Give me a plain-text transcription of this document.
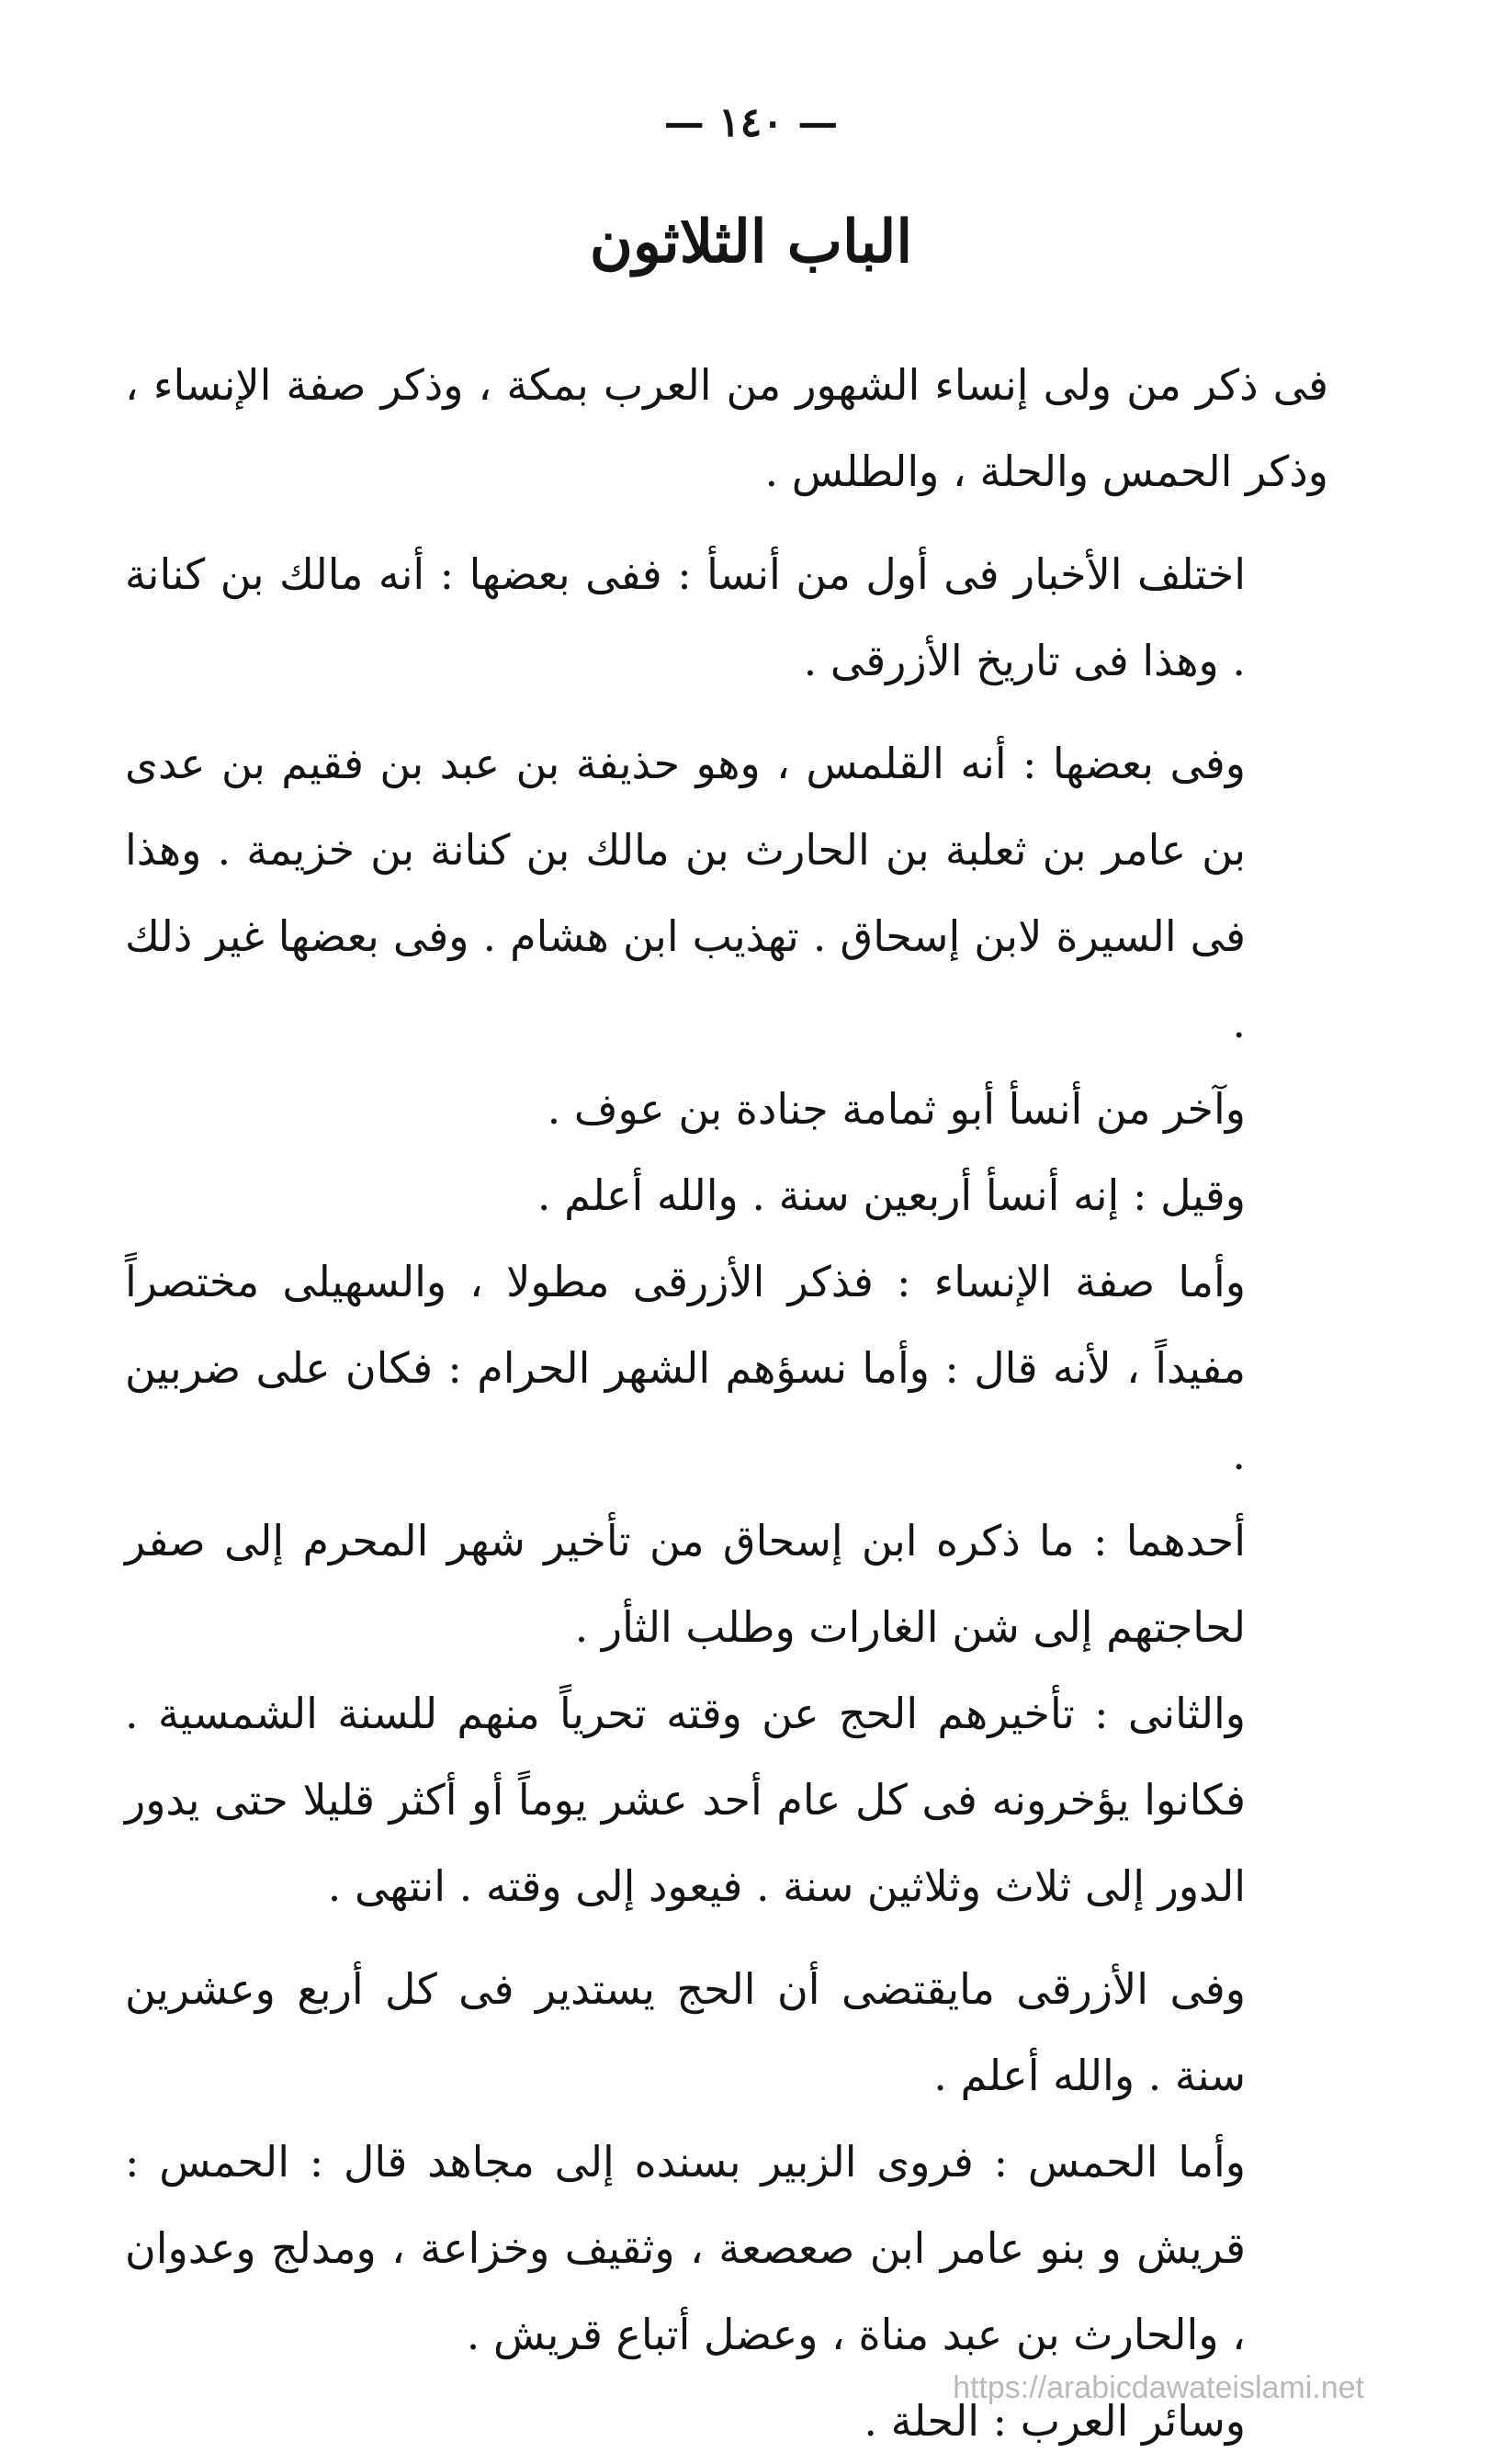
— ١٤٠ —
الباب الثلاثون

فى ذكر من ولى إنساء الشهور من العرب بمكة ، وذكر صفة الإنساء ، وذكر الحمس والحلة ، والطلس .

اختلف الأخبار فى أول من أنسأ : ففى بعضها : أنه مالك بن كنانة . وهذا فى تاريخ الأزرقى .

وفى بعضها : أنه القلمس ، وهو حذيفة بن عبد بن فقيم بن عدى بن عامر بن ثعلبة بن الحارث بن مالك بن كنانة بن خزيمة . وهذا فى السيرة لابن إسحاق . تهذيب ابن هشام . وفى بعضها غير ذلك .

وآخر من أنسأ أبو ثمامة جنادة بن عوف .

وقيل : إنه أنسأ أربعين سنة . والله أعلم .

وأما صفة الإنساء : فذكر الأزرقى مطولا ، والسهيلى مختصراً مفيداً ، لأنه قال : وأما نسؤهم الشهر الحرام : فكان على ضربين .

أحدهما : ما ذكره ابن إسحاق من تأخير شهر المحرم إلى صفر لحاجتهم إلى شن الغارات وطلب الثأر .

والثانى : تأخيرهم الحج عن وقته تحرياً منهم للسنة الشمسية . فكانوا يؤخرونه فى كل عام أحد عشر يوماً أو أكثر قليلا حتى يدور الدور إلى ثلاث وثلاثين سنة . فيعود إلى وقته . انتهى .

وفى الأزرقى مايقتضى أن الحج يستدير فى كل أربع وعشرين سنة . والله أعلم .

وأما الحمس : فروى الزبير بسنده إلى مجاهد قال : الحمس : قريش و بنو عامر ابن صعصعة ، وثقيف وخزاعة ، ومدلج وعدوان ، والحارث بن عبد مناة ، وعضل أتباع قريش .

وسائر العرب : الحلة .

https://arabicdawateislami.net
